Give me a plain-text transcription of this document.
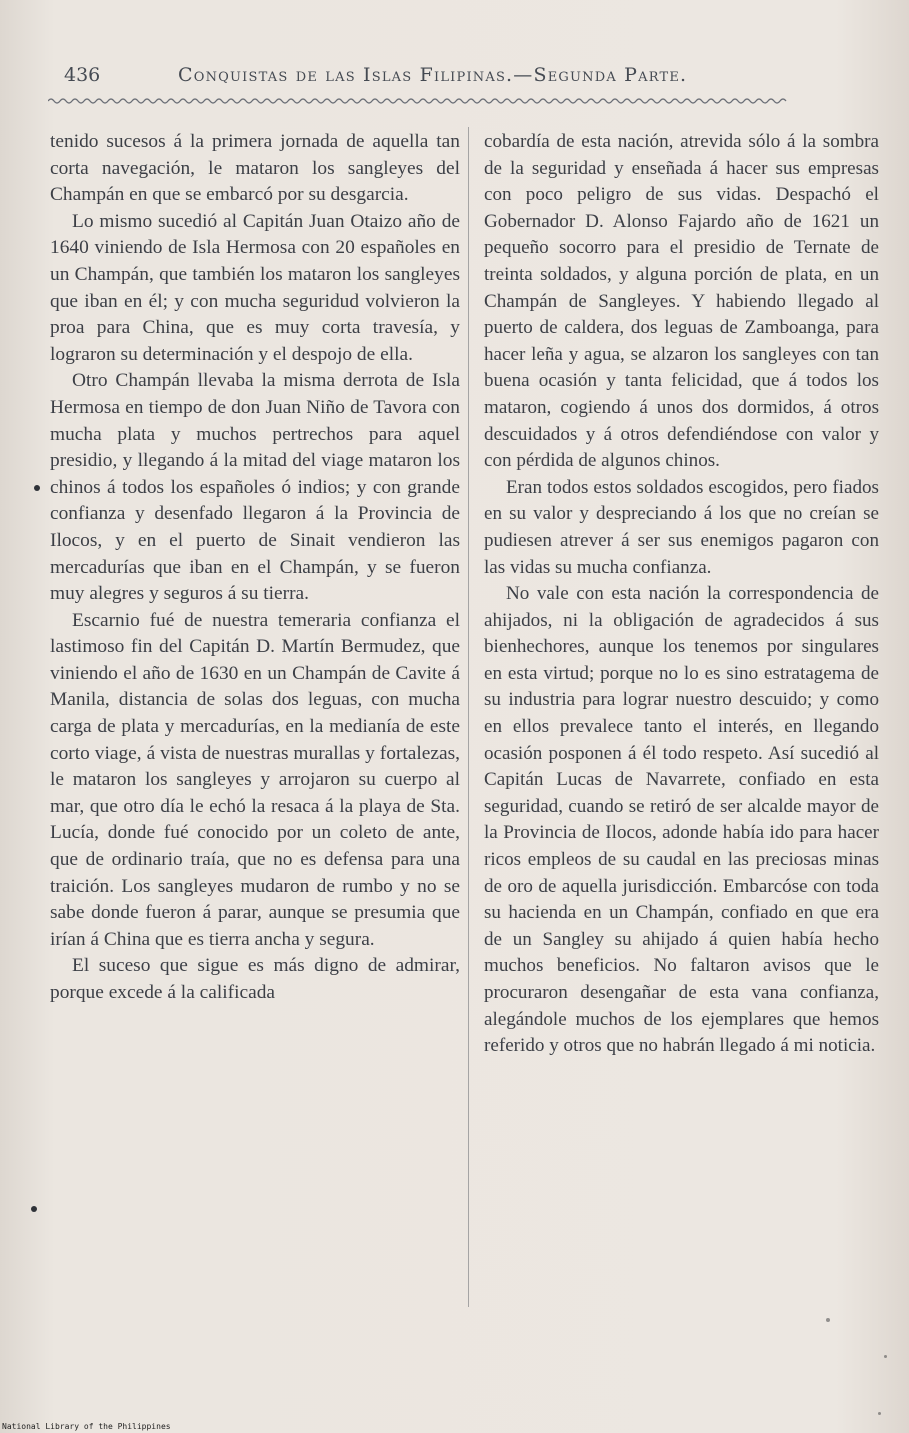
436	Conquistas de las Islas Filipinas.—Segunda Parte.

tenido sucesos á la primera jornada de aquella tan corta navegación, le mataron los sangleyes del Champán en que se embarcó por su desgarcia.

Lo mismo sucedió al Capitán Juan Otaizo año de 1640 viniendo de Isla Hermosa con 20 españoles en un Champán, que también los mataron los sangleyes que iban en él; y con mucha seguridud volvieron la proa para China, que es muy corta travesía, y lograron su determinación y el despojo de ella.

Otro Champán llevaba la misma derrota de Isla Hermosa en tiempo de don Juan Niño de Tavora con mucha plata y muchos pertrechos para aquel presidio, y llegando á la mitad del viage mataron los chinos á todos los españoles ó indios; y con grande confianza y desenfado llegaron á la Provincia de Ilocos, y en el puerto de Sinait vendieron las mercadurías que iban en el Champán, y se fueron muy alegres y seguros á su tierra.

Escarnio fué de nuestra temeraria confianza el lastimoso fin del Capitán D. Martín Bermudez, que viniendo el año de 1630 en un Champán de Cavite á Manila, distancia de solas dos leguas, con mucha carga de plata y mercadurías, en la medianía de este corto viage, á vista de nuestras murallas y fortalezas, le mataron los sangleyes y arrojaron su cuerpo al mar, que otro día le echó la resaca á la playa de Sta. Lucía, donde fué conocido por un coleto de ante, que de ordinario traía, que no es defensa para una traición. Los sangleyes mudaron de rumbo y no se sabe donde fueron á parar, aunque se presumia que irían á China que es tierra ancha y segura.

El suceso que sigue es más digno de admirar, porque excede á la calificada

cobardía de esta nación, atrevida sólo á la sombra de la seguridad y enseñada á hacer sus empresas con poco peligro de sus vidas. Despachó el Gobernador D. Alonso Fajardo año de 1621 un pequeño socorro para el presidio de Ternate de treinta soldados, y alguna porción de plata, en un Champán de Sangleyes. Y habiendo llegado al puerto de caldera, dos leguas de Zamboanga, para hacer leña y agua, se alzaron los sangleyes con tan buena ocasión y tanta felicidad, que á todos los mataron, cogiendo á unos dos dormidos, á otros descuidados y á otros defendiéndose con valor y con pérdida de algunos chinos.

Eran todos estos soldados escogidos, pero fiados en su valor y despreciando á los que no creían se pudiesen atrever á ser sus enemigos pagaron con las vidas su mucha confianza.

No vale con esta nación la correspondencia de ahijados, ni la obligación de agradecidos á sus bienhechores, aunque los tenemos por singulares en esta virtud; porque no lo es sino estratagema de su industria para lograr nuestro descuido; y como en ellos prevalece tanto el interés, en llegando ocasión posponen á él todo respeto. Así sucedió al Capitán Lucas de Navarrete, confiado en esta seguridad, cuando se retiró de ser alcalde mayor de la Provincia de Ilocos, adonde había ido para hacer ricos empleos de su caudal en las preciosas minas de oro de aquella jurisdicción. Embarcóse con toda su hacienda en un Champán, confiado en que era de un Sangley su ahijado á quien había hecho muchos beneficios. No faltaron avisos que le procuraron desengañar de esta vana confianza, alegándole muchos de los ejemplares que hemos referido y otros que no habrán llegado á mi noticia.

National Library of the Philippines
